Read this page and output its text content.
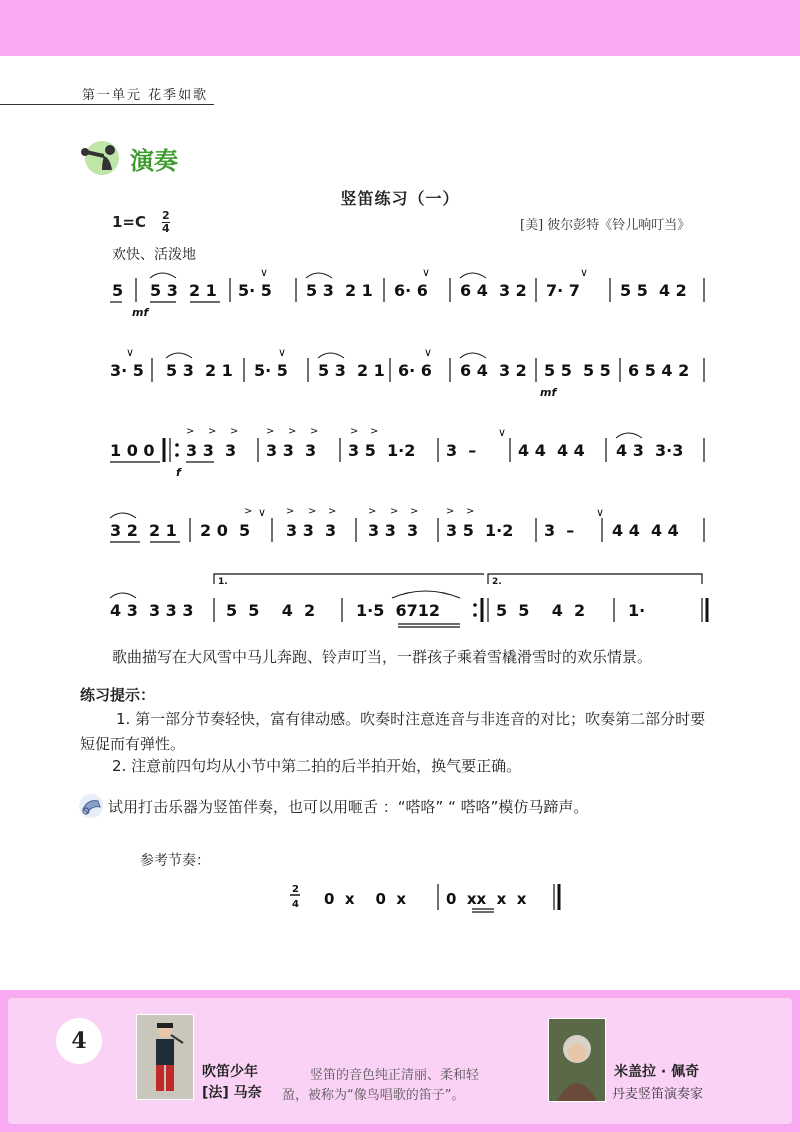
第一单元 花季如歌
演奏
竖笛练习（一）
$1=C \frac{2}{4}$	[美] 彼尔彭特《铃儿响叮当》
欢快、活泼地
5 5 3  2 1 5· 5 5 3  2 1 6· 6 6 4  3 2 7· 7	5 5  4 2
3· 5 5 3  2 1 5· 5 5 3  2 1 6· 6 6 4  3 2 5 5  5 5 6 5 4 2
1 0 0 3 3  3 3 3  3 3 5  1·2 3  –	4 4  4 4 4 3  3·3
3 2  2 1 2 0  5 3 3  3 3 3  3 3 5  1·2 3  – 4 4  4 4
4 3  3 3 3 5  5    4  2	1·5  6712	5  5    4  2	1·
mf
mf
f
1.	2.
∨	∨	∨
∨	∨	∨
∨
∨	∨
> > >	> > >	> >
>	> > >	> > >	> >
歌曲描写在大风雪中马儿奔跑、铃声叮当，一群孩子乘着雪橇滑雪时的欢乐情景。
练习提示：
1. 第一部分节奏轻快，富有律动感。吹奏时注意连音与非连音的对比；吹奏第二部分时要短促而有弹性。
2. 注意前四句均从小节中第二拍的后半拍开始，换气要正确。
试用打击乐器为竖笛伴奏，也可以用咂舌 ：“嗒咯” “ 嗒咯”模仿马蹄声。
参考节奏：
2
4 0  x    0  x	0  xx  x  x
4
吹笛少年
[法] 马奈
竖笛的音色纯正清丽、柔和轻
盈，被称为“像鸟唱歌的笛子”。
米盖拉 · 佩奇
丹麦竖笛演奏家
